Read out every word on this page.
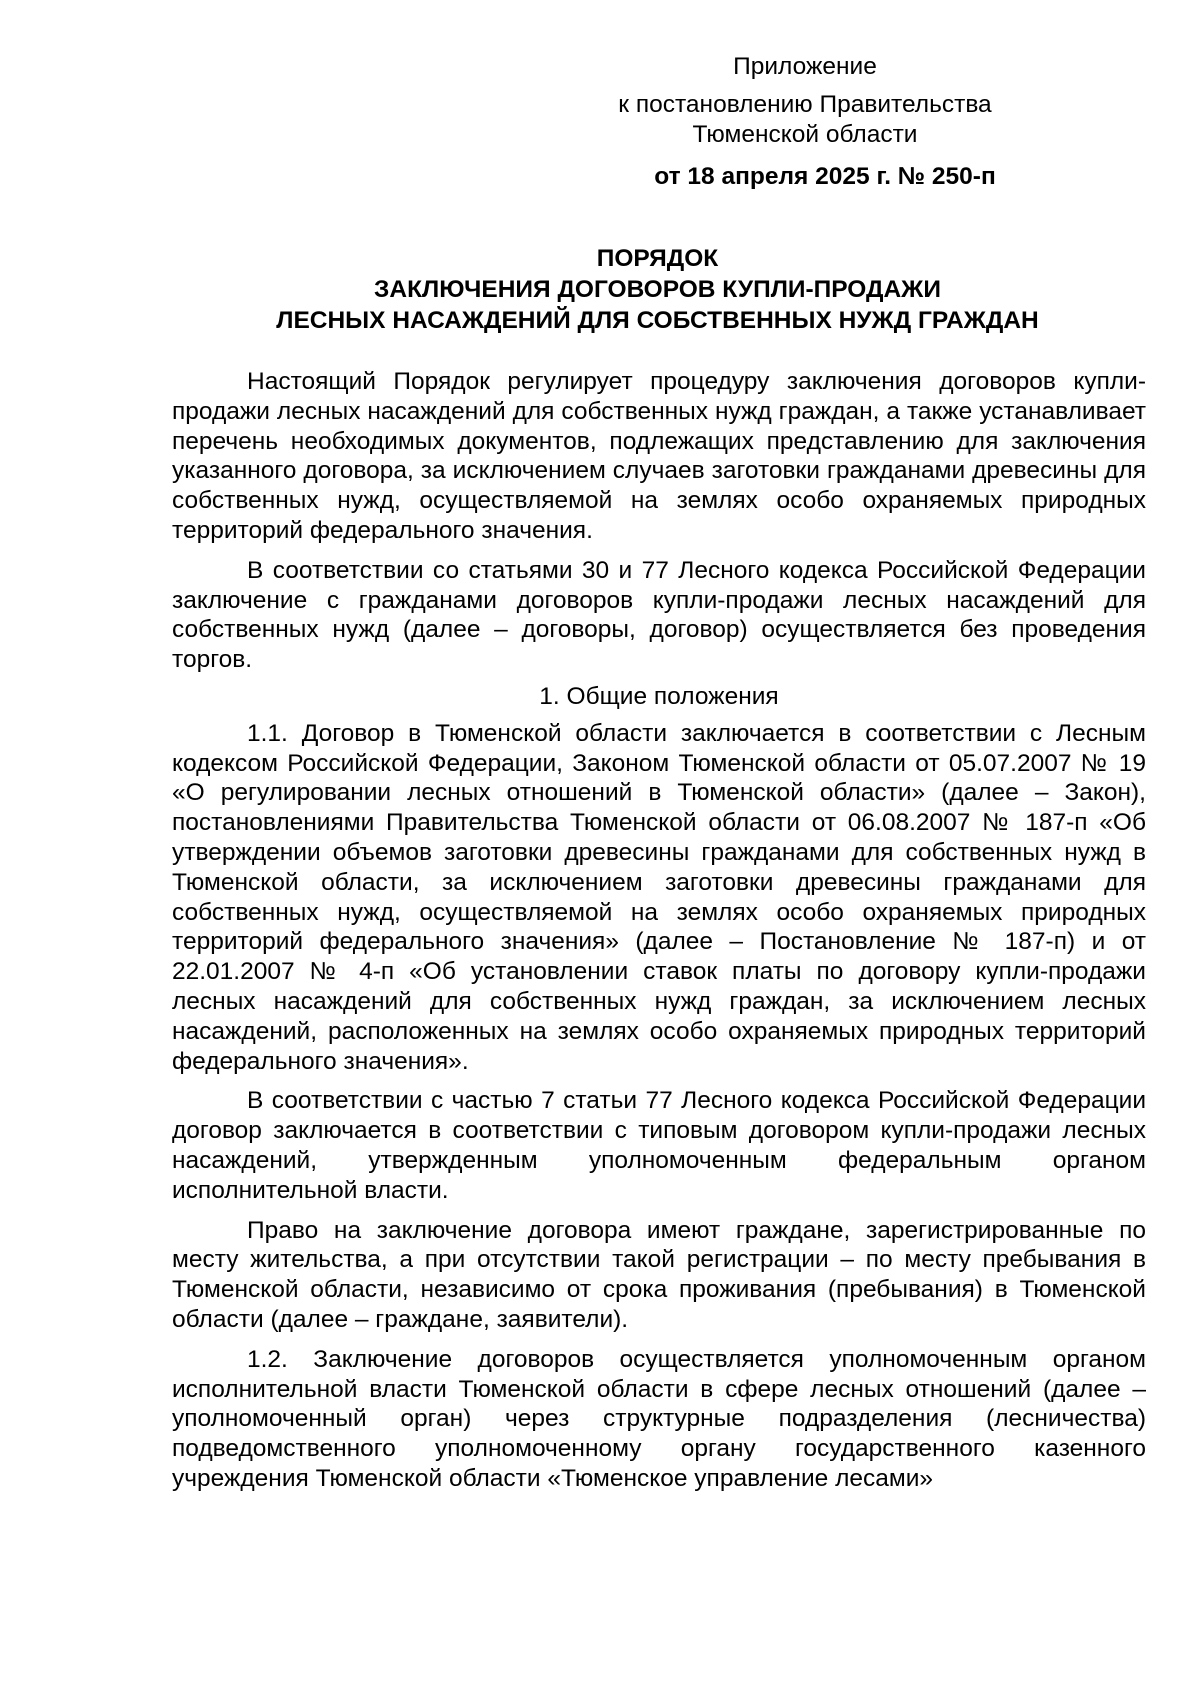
Приложение
к постановлению Правительства
Тюменской области
от 18 апреля 2025 г. № 250-п
ПОРЯДОК
ЗАКЛЮЧЕНИЯ ДОГОВОРОВ КУПЛИ-ПРОДАЖИ
ЛЕСНЫХ НАСАЖДЕНИЙ ДЛЯ СОБСТВЕННЫХ НУЖД ГРАЖДАН

Настоящий Порядок регулирует процедуру заключения договоров купли-продажи лесных насаждений для собственных нужд граждан, а также устанавливает перечень необходимых документов, подлежащих представлению для заключения указанного договора, за исключением случаев заготовки гражданами древесины для собственных нужд, осуществляемой на землях особо охраняемых природных территорий федерального значения.

В соответствии со статьями 30 и 77 Лесного кодекса Российской Федерации заключение с гражданами договоров купли-продажи лесных насаждений для собственных нужд (далее – договоры, договор) осуществляется без проведения торгов.

1. Общие положения

1.1. Договор в Тюменской области заключается в соответствии с Лесным кодексом Российской Федерации, Законом Тюменской области от 05.07.2007 № 19 «О регулировании лесных отношений в Тюменской области» (далее – Закон), постановлениями Правительства Тюменской области от 06.08.2007 № 187-п «Об утверждении объемов заготовки древесины гражданами для собственных нужд в Тюменской области, за исключением заготовки древесины гражданами для собственных нужд, осуществляемой на землях особо охраняемых природных территорий федерального значения» (далее – Постановление № 187-п) и от 22.01.2007 № 4-п «Об установлении ставок платы по договору купли-продажи лесных насаждений для собственных нужд граждан, за исключением лесных насаждений, расположенных на землях особо охраняемых природных территорий федерального значения».

В соответствии с частью 7 статьи 77 Лесного кодекса Российской Федерации договор заключается в соответствии с типовым договором купли-продажи лесных насаждений, утвержденным уполномоченным федеральным органом исполнительной власти.

Право на заключение договора имеют граждане, зарегистрированные по месту жительства, а при отсутствии такой регистрации – по месту пребывания в Тюменской области, независимо от срока проживания (пребывания) в Тюменской области (далее – граждане, заявители).

1.2. Заключение договоров осуществляется уполномоченным органом исполнительной власти Тюменской области в сфере лесных отношений (далее – уполномоченный орган) через структурные подразделения (лесничества) подведомственного уполномоченному органу государственного казенного учреждения Тюменской области «Тюменское управление лесами»
